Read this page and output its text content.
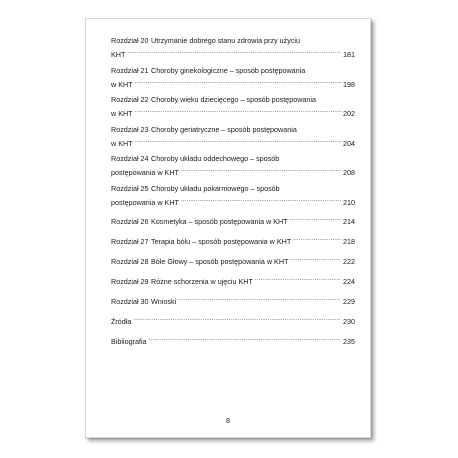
Rozdział 20 Utrzymanie dobrego stanu zdrowia przy użyciu
KHT .....	181
Rozdział 21 Choroby ginekologiczne – sposób postępowania
w KHT .....	198
Rozdział 22 Choroby wieku dziecięcego – sposób postępowania
w KHT .....	202
Rozdział 23 Choroby geriatryczne – sposób postępowania
w KHT .....	204
Rozdział 24 Choroby układu oddechowego – sposób
postępowania w KHT .....	208
Rozdział 25 Choroby układu pokarmowego – sposób
postępowania w KHT .....	210
Rozdział 26 Kosmetyka – sposób postępowania w KHT .....	214
Rozdział 27 Terapia bólu – sposób postępowania w KHT .....	218
Rozdział 28 Bóle Głowy – sposób postępowania w KHT .....	222
Rozdział 29 Różne schorzenia w ujęciu KHT .....	224
Rozdział 30 Wnioski .....	229
Źródła .....	230
Bibliografia .....	235
8
